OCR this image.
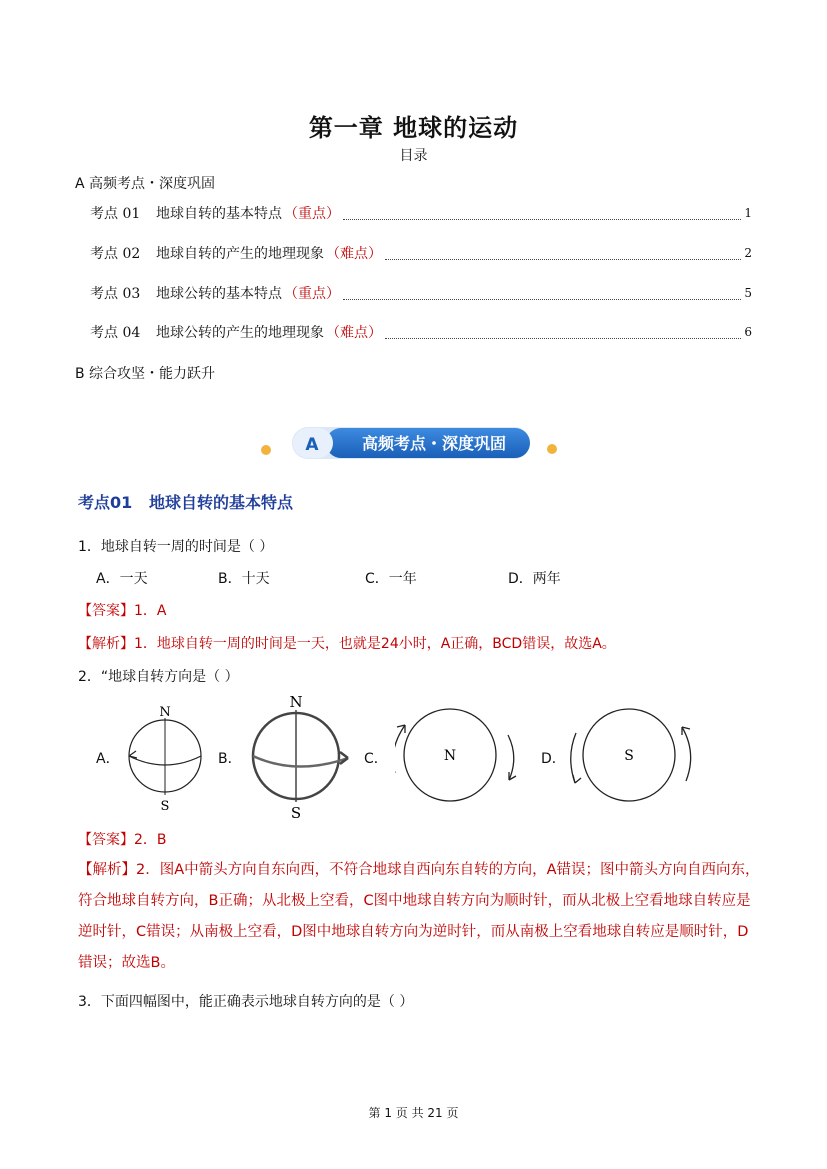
第一章 地球的运动
目录
A 高频考点・深度巩固
考点 01	地球自转的基本特点 （重点）	1
考点 02	地球自转的产生的地理现象 （难点）	2
考点 03	地球公转的基本特点 （重点）	5
考点 04	地球公转的产生的地理现象 （难点）	6
B 综合攻坚・能力跃升
A	高频考点・深度巩固
考点01 地球自转的基本特点
1．地球自转一周的时间是（ ）
A．一天	B．十天	C．一年	D．两年
【答案】1．A
【解析】1．地球自转一周的时间是一天，也就是24小时，A正确，BCD错误，故选A。
2．“地球自转方向是（ ）
A．	B．	C．	D．
N
S
N
S
N	S
【答案】2．B
【解析】2．图A中箭头方向自东向西，不符合地球自西向东自转的方向，A错误；图中箭头方向自西向东，
符合地球自转方向，B正确；从北极上空看，C图中地球自转方向为顺时针，而从北极上空看地球自转应是
逆时针，C错误；从南极上空看，D图中地球自转方向为逆时针，而从南极上空看地球自转应是顺时针，D
错误；故选B。
3．下面四幅图中，能正确表示地球自转方向的是（ ）
第 1 页 共 21 页
